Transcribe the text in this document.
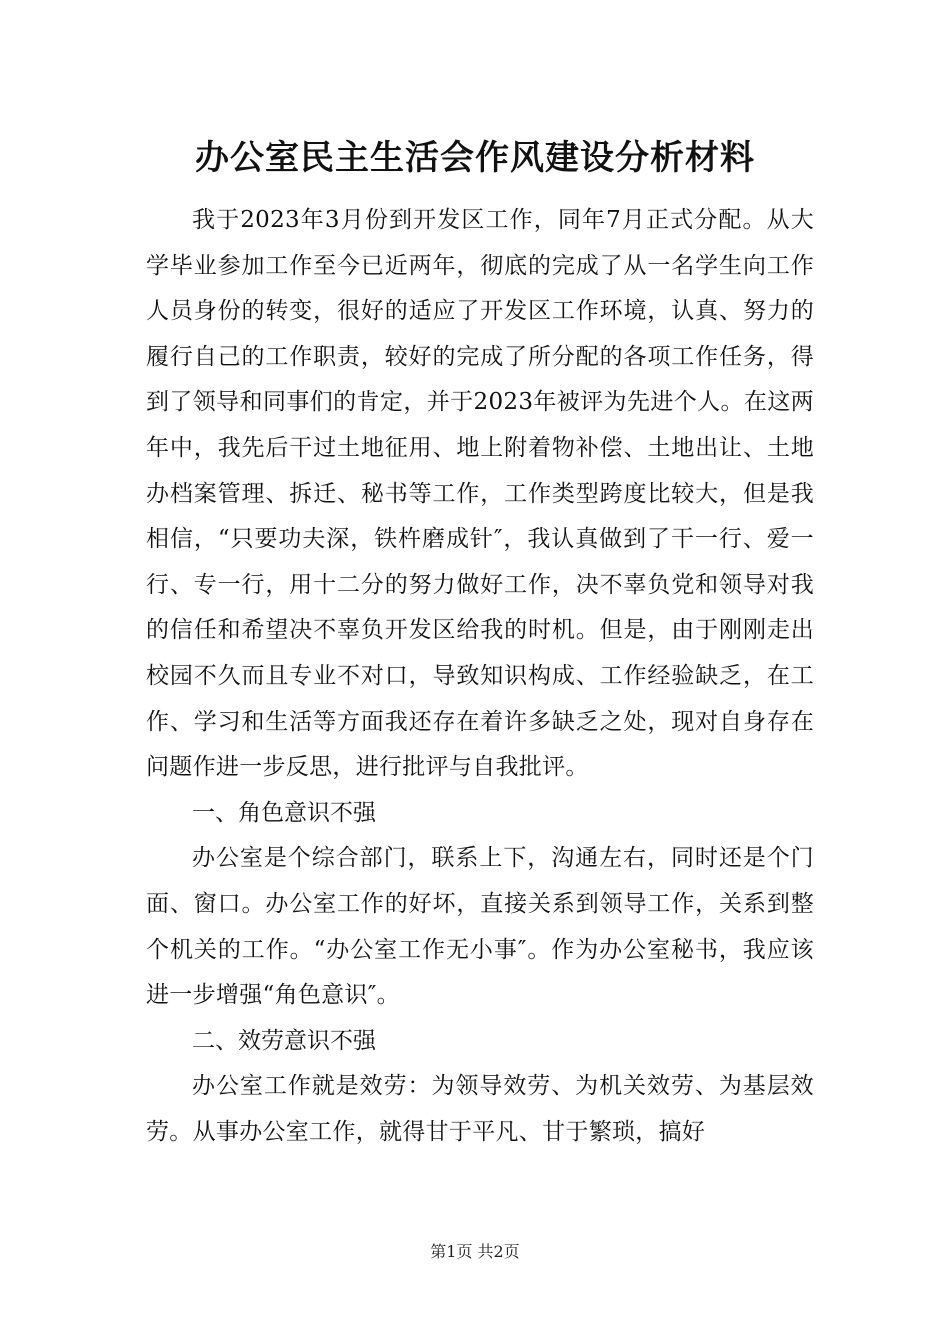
办公室民主生活会作风建设分析材料

我于2023年3月份到开发区工作，同年7月正式分配。从大学毕业参加工作至今已近两年，彻底的完成了从一名学生向工作人员身份的转变，很好的适应了开发区工作环境，认真、努力的履行自己的工作职责，较好的完成了所分配的各项工作任务，得到了领导和同事们的肯定，并于2023年被评为先进个人。在这两年中，我先后干过土地征用、地上附着物补偿、土地出让、土地办档案管理、拆迁、秘书等工作，工作类型跨度比较大，但是我相信，“只要功夫深，铁杵磨成针″，我认真做到了干一行、爱一行、专一行，用十二分的努力做好工作，决不辜负党和领导对我的信任和希望决不辜负开发区给我的时机。但是，由于刚刚走出校园不久而且专业不对口，导致知识构成、工作经验缺乏，在工作、学习和生活等方面我还存在着许多缺乏之处，现对自身存在问题作进一步反思，进行批评与自我批评。

一、角色意识不强

办公室是个综合部门，联系上下，沟通左右，同时还是个门面、窗口。办公室工作的好坏，直接关系到领导工作，关系到整个机关的工作。“办公室工作无小事″。作为办公室秘书，我应该进一步增强“角色意识″。

二、效劳意识不强

办公室工作就是效劳：为领导效劳、为机关效劳、为基层效劳。从事办公室工作，就得甘于平凡、甘于繁琐，搞好

第1页 共2页
